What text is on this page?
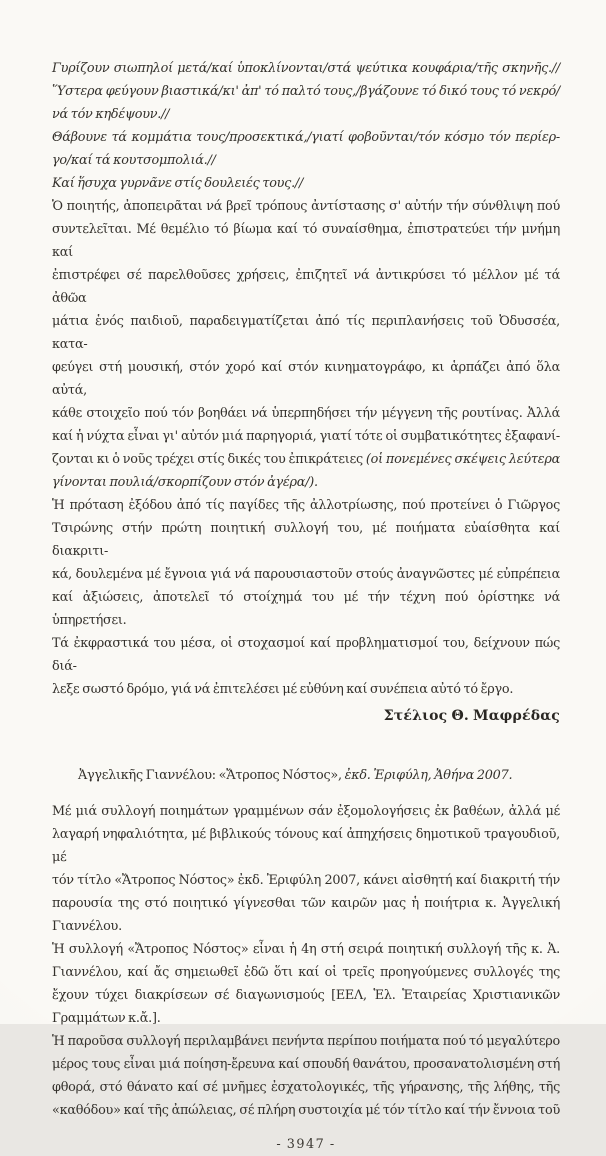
Γυρίζουν σιωπηλοί μετά/καί ὑποκλίνονται/στά ψεύτικα κουφάρια/τῆς σκηνῆς.//
Ὕστερα φεύγουν βιαστικά/κι' ἀπ' τό παλτό τους,/βγάζουνε τό δικό τους τό νεκρό/
νά τόν κηδέψουν.//
Θάβουνε τά κομμάτια τους/προσεκτικά,/γιατί φοβοῦνται/τόν κόσμο τόν περίερ-
γο/καί τά κουτσομπολιά.//
Καί ἥσυχα γυρνᾶνε στίς δουλειές τους.//
Ὁ ποιητής, ἀποπειρᾶται νά βρεῖ τρόπους ἀντίστασης σ' αὐτήν τήν σύνθλιψη πού
συντελεῖται. Μέ θεμέλιο τό βίωμα καί τό συναίσθημα, ἐπιστρατεύει τήν μνήμη καί
ἐπιστρέφει σέ παρελθοῦσες χρήσεις, ἐπιζητεῖ νά ἀντικρύσει τό μέλλον μέ τά ἀθῶα
μάτια ἑνός παιδιοῦ, παραδειγματίζεται ἀπό τίς περιπλανήσεις τοῦ Ὀδυσσέα, κατα-
φεύγει στή μουσική, στόν χορό καί στόν κινηματογράφο, κι ἁρπάζει ἀπό ὅλα αὐτά,
κάθε στοιχεῖο πού τόν βοηθάει νά ὑπερπηδήσει τήν μέγγενη τῆς ρουτίνας. Ἀλλά
καί ἡ νύχτα εἶναι γι' αὐτόν μιά παρηγοριά, γιατί τότε οἱ συμβατικότητες ἐξαφανί-
ζονται κι ὁ νοῦς τρέχει στίς δικές του ἐπικράτειες (οἱ πονεμένες σκέψεις λεύτερα
γίνονται πουλιά/σκορπίζουν στόν ἀγέρα/).
Ἡ πρόταση ἐξόδου ἀπό τίς παγίδες τῆς ἀλλοτρίωσης, πού προτείνει ὁ Γιῶργος
Τσιρώνης στήν πρώτη ποιητική συλλογή του, μέ ποιήματα εὐαίσθητα καί διακριτι-
κά, δουλεμένα μέ ἔγνοια γιά νά παρουσιαστοῦν στούς ἀναγνῶστες μέ εὐπρέπεια
καί ἀξιώσεις, ἀποτελεῖ τό στοίχημά του μέ τήν τέχνη πού ὁρίστηκε νά ὑπηρετήσει.
Τά ἐκφραστικά του μέσα, οἱ στοχασμοί καί προβληματισμοί του, δείχνουν πώς διά-
λεξε σωστό δρόμο, γιά νά ἐπιτελέσει μέ εὐθύνη καί συνέπεια αὐτό τό ἔργο.
Στέλιος Θ. Μαφρέδας
Ἀγγελικῆς Γιαννέλου: «Ἄτροπος Νόστος», ἐκδ. Ἐριφύλη, Ἀθήνα 2007.
Μέ μιά συλλογή ποιημάτων γραμμένων σάν ἐξομολογήσεις ἐκ βαθέων, ἀλλά μέ
λαγαρή νηφαλιότητα, μέ βιβλικούς τόνους καί ἀπηχήσεις δημοτικοῦ τραγουδιοῦ, μέ
τόν τίτλο «Ἄτροπος Νόστος» ἐκδ. Ἐριφύλη 2007, κάνει αἰσθητή καί διακριτή τήν
παρουσία της στό ποιητικό γίγνεσθαι τῶν καιρῶν μας ἡ ποιήτρια κ. Ἀγγελική
Γιαννέλου.
Ἡ συλλογή «Ἄτροπος Νόστος» εἶναι ἡ 4η στή σειρά ποιητική συλλογή τῆς κ. Ἀ.
Γιαννέλου, καί ἄς σημειωθεῖ ἐδῶ ὅτι καί οἱ τρεῖς προηγούμενες συλλογές της
ἔχουν τύχει διακρίσεων σέ διαγωνισμούς [ΕΕΛ, Ἑλ. Ἑταιρείας Χριστιανικῶν
Γραμμάτων κ.ἄ.].
Ἡ παροῦσα συλλογή περιλαμβάνει πενήντα περίπου ποιήματα πού τό μεγαλύτερο
μέρος τους εἶναι μιά ποίηση-ἔρευνα καί σπουδή θανάτου, προσανατολισμένη στή
φθορά, στό θάνατο καί σέ μνῆμες ἐσχατολογικές, τῆς γήρανσης, τῆς λήθης, τῆς
«καθόδου» καί τῆς ἀπώλειας, σέ πλήρη συστοιχία μέ τόν τίτλο καί τήν ἔννοια τοῦ
- 3947 -
